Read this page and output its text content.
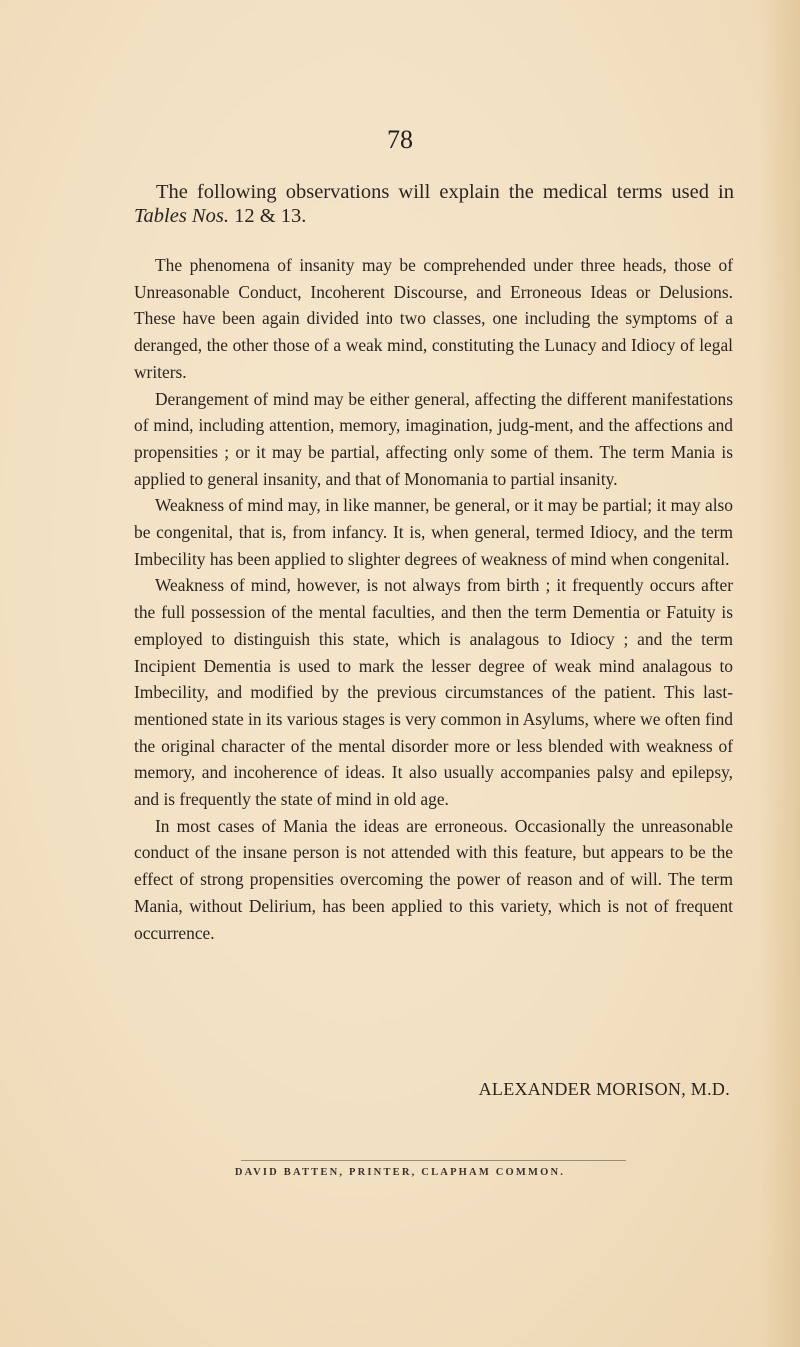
78
The following observations will explain the medical terms used in Tables Nos. 12 & 13.

The phenomena of insanity may be comprehended under three heads, those of Unreasonable Conduct, Incoherent Discourse, and Erroneous Ideas or Delusions. These have been again divided into two classes, one including the symptoms of a deranged, the other those of a weak mind, constituting the Lunacy and Idiocy of legal writers.

Derangement of mind may be either general, affecting the different manifestations of mind, including attention, memory, imagination, judg-ment, and the affections and propensities ; or it may be partial, affecting only some of them. The term Mania is applied to general insanity, and that of Monomania to partial insanity.

Weakness of mind may, in like manner, be general, or it may be partial; it may also be congenital, that is, from infancy. It is, when general, termed Idiocy, and the term Imbecility has been applied to slighter degrees of weakness of mind when congenital.

Weakness of mind, however, is not always from birth ; it frequently occurs after the full possession of the mental faculties, and then the term Dementia or Fatuity is employed to distinguish this state, which is analagous to Idiocy ; and the term Incipient Dementia is used to mark the lesser degree of weak mind analagous to Imbecility, and modified by the previous circumstances of the patient. This last-mentioned state in its various stages is very common in Asylums, where we often find the original character of the mental disorder more or less blended with weakness of memory, and incoherence of ideas. It also usually accompanies palsy and epilepsy, and is frequently the state of mind in old age.

In most cases of Mania the ideas are erroneous. Occasionally the unreasonable conduct of the insane person is not attended with this feature, but appears to be the effect of strong propensities overcoming the power of reason and of will. The term Mania, without Delirium, has been applied to this variety, which is not of frequent occurrence.

ALEXANDER MORISON, M.D.
DAVID BATTEN, PRINTER, CLAPHAM COMMON.
